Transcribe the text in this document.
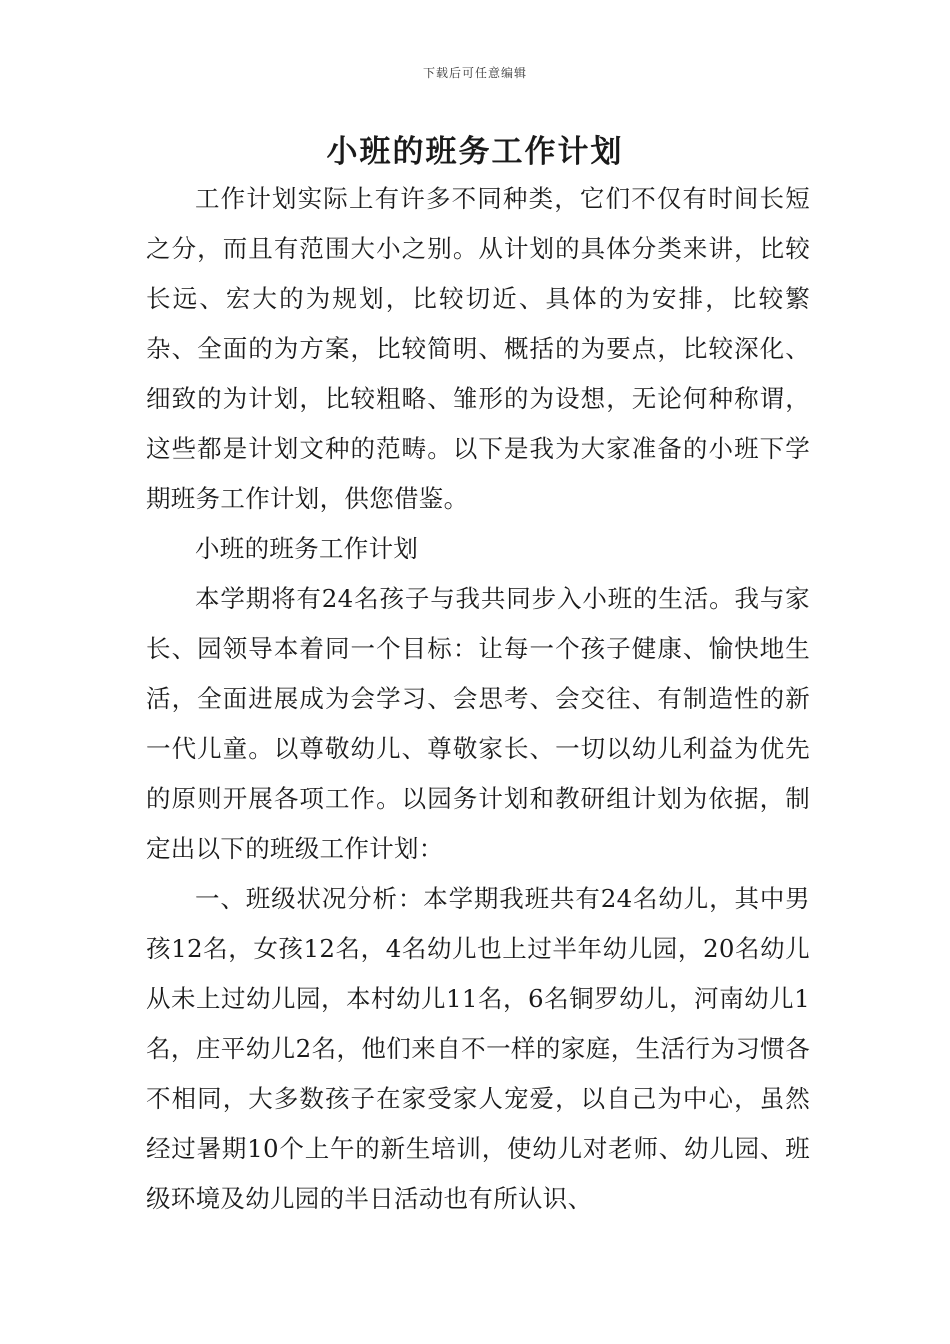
下载后可任意编辑
小班的班务工作计划

工作计划实际上有许多不同种类，它们不仅有时间长短之分，而且有范围大小之别。从计划的具体分类来讲，比较长远、宏大的为规划，比较切近、具体的为安排，比较繁杂、全面的为方案，比较简明、概括的为要点，比较深化、细致的为计划，比较粗略、雏形的为设想，无论何种称谓，这些都是计划文种的范畴。以下是我为大家准备的小班下学期班务工作计划，供您借鉴。

小班的班务工作计划

本学期将有24名孩子与我共同步入小班的生活。我与家长、园领导本着同一个目标：让每一个孩子健康、愉快地生活，全面进展成为会学习、会思考、会交往、有制造性的新一代儿童。以尊敬幼儿、尊敬家长、一切以幼儿利益为优先的原则开展各项工作。以园务计划和教研组计划为依据，制定出以下的班级工作计划：

一、班级状况分析：本学期我班共有24名幼儿，其中男孩12名，女孩12名，4名幼儿也上过半年幼儿园，20名幼儿从未上过幼儿园，本村幼儿11名，6名铜罗幼儿，河南幼儿1名，庄平幼儿2名，他们来自不一样的家庭，生活行为习惯各不相同，大多数孩子在家受家人宠爱，以自己为中心，虽然经过暑期10个上午的新生培训，使幼儿对老师、幼儿园、班级环境及幼儿园的半日活动也有所认识、
